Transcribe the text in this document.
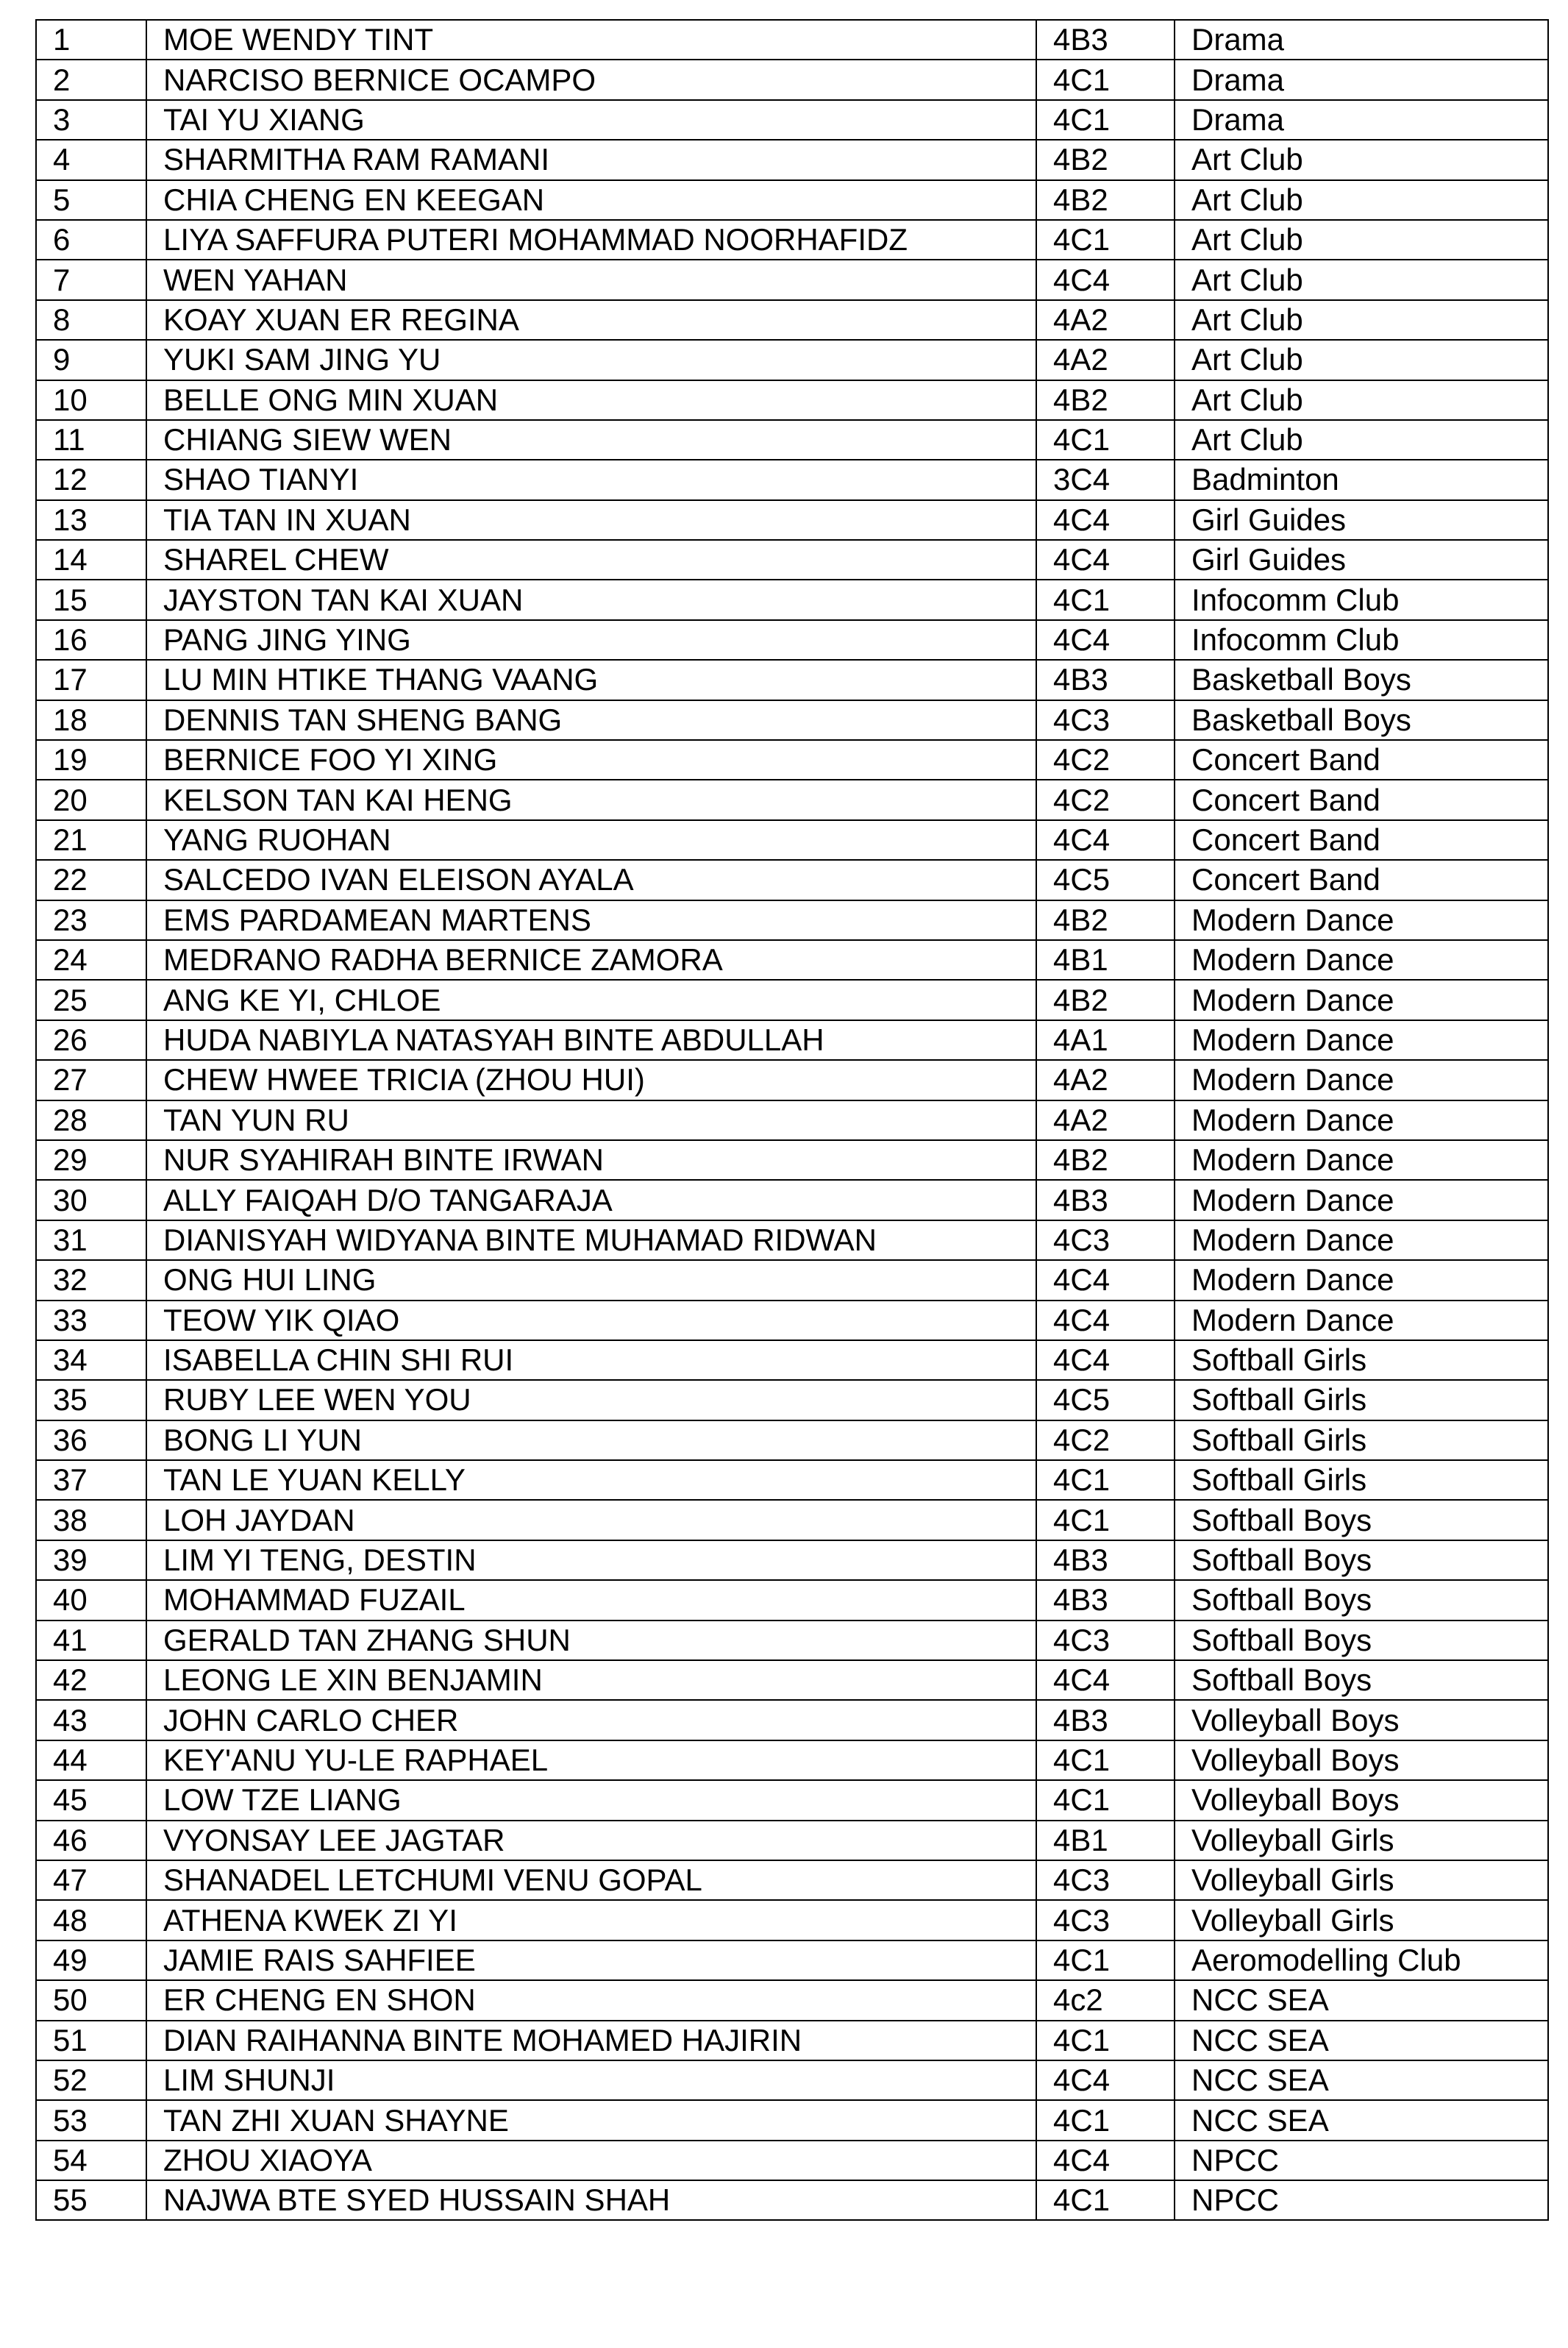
1	MOE WENDY TINT	4B3	Drama
2	NARCISO BERNICE OCAMPO	4C1	Drama
3	TAI YU XIANG	4C1	Drama
4	SHARMITHA RAM RAMANI	4B2	Art Club
5	CHIA CHENG EN KEEGAN	4B2	Art Club
6	LIYA SAFFURA PUTERI MOHAMMAD NOORHAFIDZ	4C1	Art Club
7	WEN YAHAN	4C4	Art Club
8	KOAY XUAN ER REGINA	4A2	Art Club
9	YUKI SAM JING YU	4A2	Art Club
10	BELLE ONG MIN XUAN	4B2	Art Club
11	CHIANG SIEW WEN	4C1	Art Club
12	SHAO TIANYI	3C4	Badminton
13	TIA TAN IN XUAN	4C4	Girl Guides
14	SHAREL CHEW	4C4	Girl Guides
15	JAYSTON TAN KAI XUAN	4C1	Infocomm Club
16	PANG JING YING	4C4	Infocomm Club
17	LU MIN HTIKE THANG VAANG	4B3	Basketball Boys
18	DENNIS TAN SHENG BANG	4C3	Basketball Boys
19	BERNICE FOO YI XING	4C2	Concert Band
20	KELSON TAN KAI HENG	4C2	Concert Band
21	YANG RUOHAN	4C4	Concert Band
22	SALCEDO IVAN ELEISON AYALA	4C5	Concert Band
23	EMS PARDAMEAN MARTENS	4B2	Modern Dance
24	MEDRANO RADHA BERNICE ZAMORA	4B1	Modern Dance
25	ANG KE YI, CHLOE	4B2	Modern Dance
26	HUDA NABIYLA NATASYAH BINTE ABDULLAH	4A1	Modern Dance
27	CHEW HWEE TRICIA (ZHOU HUI)	4A2	Modern Dance
28	TAN YUN RU	4A2	Modern Dance
29	NUR SYAHIRAH BINTE IRWAN	4B2	Modern Dance
30	ALLY FAIQAH D/O TANGARAJA	4B3	Modern Dance
31	DIANISYAH WIDYANA BINTE MUHAMAD RIDWAN	4C3	Modern Dance
32	ONG HUI LING	4C4	Modern Dance
33	TEOW YIK QIAO	4C4	Modern Dance
34	ISABELLA CHIN SHI RUI	4C4	Softball Girls
35	RUBY LEE WEN YOU	4C5	Softball Girls
36	BONG LI YUN	4C2	Softball Girls
37	TAN LE YUAN KELLY	4C1	Softball Girls
38	LOH JAYDAN	4C1	Softball Boys
39	LIM YI TENG, DESTIN	4B3	Softball Boys
40	MOHAMMAD FUZAIL	4B3	Softball Boys
41	GERALD TAN ZHANG SHUN	4C3	Softball Boys
42	LEONG LE XIN BENJAMIN	4C4	Softball Boys
43	JOHN CARLO CHER	4B3	Volleyball Boys
44	KEY'ANU YU-LE RAPHAEL	4C1	Volleyball Boys
45	LOW TZE LIANG	4C1	Volleyball Boys
46	VYONSAY LEE JAGTAR	4B1	Volleyball Girls
47	SHANADEL LETCHUMI VENU GOPAL	4C3	Volleyball Girls
48	ATHENA KWEK ZI YI	4C3	Volleyball Girls
49	JAMIE RAIS SAHFIEE	4C1	Aeromodelling Club
50	ER CHENG EN SHON	4c2	NCC SEA
51	DIAN RAIHANNA BINTE MOHAMED HAJIRIN	4C1	NCC SEA
52	LIM SHUNJI	4C4	NCC SEA
53	TAN ZHI XUAN SHAYNE	4C1	NCC SEA
54	ZHOU XIAOYA	4C4	NPCC
55	NAJWA BTE SYED HUSSAIN SHAH	4C1	NPCC
